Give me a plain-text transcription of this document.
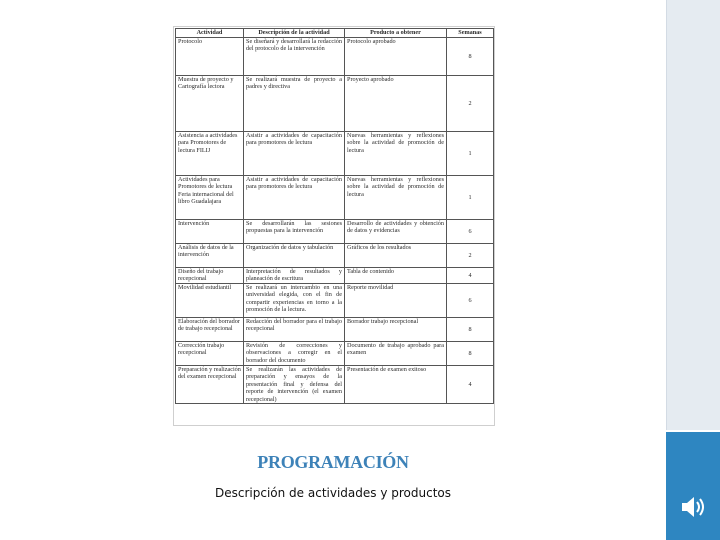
Actividad	Descripción de la actividad	Producto a obtener	Semanas
Protocolo	Se diseñará y desarrollará la redacción del protocolo de la intervención	Protocolo aprobado	8
Muestra de proyecto y Cartografía lectora	Se realizará muestra de proyecto a padres y directiva	Proyecto aprobado	2
Asistencia a actividades para Promotores de lectura FILIJ	Asistir a actividades de capacitación para promotores de lectura	Nuevas herramientas y reflexiones sobre la actividad de promoción de lectura	1
Actividades para Promotores de lectura Feria internacional del libro Guadalajara	Asistir a actividades de capacitación para promotores de lectura	Nuevas herramientas y reflexiones sobre la actividad de promoción de lectura	1
Intervención	Se desarrollarán las sesiones propuestas para la intervención	Desarrollo de actividades y obtención de datos y evidencias	6
Análisis de datos de la intervención	Organización de datos y tabulación	Gráficos de los resultados	2
Diseño del trabajo recepcional	Interpretación de resultados y planeación de escritura	Tabla de contenido	4
Movilidad estudiantil	Se realizará un intercambio en una universidad elegida, con el fin de compartir experiencias en torno a la promoción de la lectura.	Reporte movilidad	6
Elaboración del borrador de trabajo recepcional	Redacción del borrador para el trabajo recepcional	Borrador trabajo recepcional	8
Corrección trabajo recepcional	Revisión de correcciones y observaciones a corregir en el borrador del documento	Documento de trabajo aprobado para examen	8
Preparación y realización del examen recepcional	Se realizarán las actividades de preparación y ensayos de la presentación final y defensa del reporte de intervención (el examen recepcional)	Presentación de examen exitoso	4
PROGRAMACIÓN
Descripción de actividades y productos
